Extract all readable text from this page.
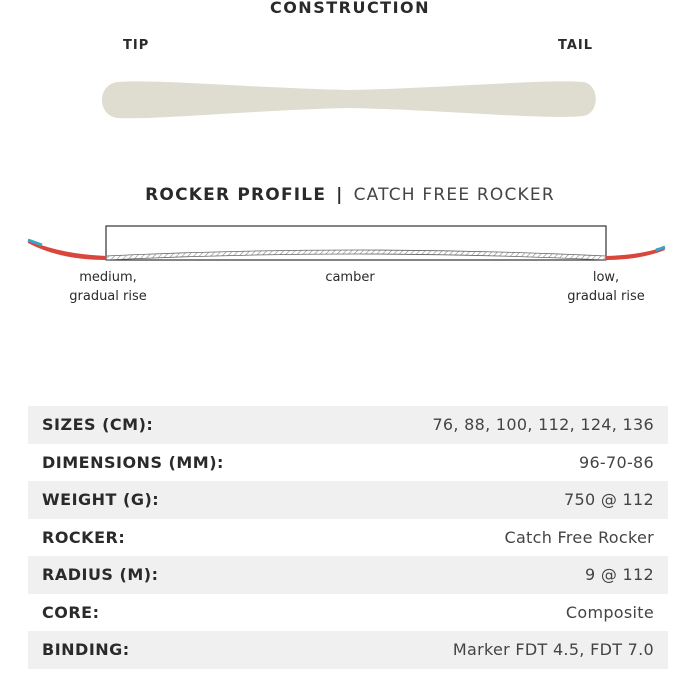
CONSTRUCTION
TIP	TAIL
ROCKER PROFILE | CATCH FREE ROCKER
medium,
gradual rise
camber	low,
gradual rise
SIZES (CM):	76, 88, 100, 112, 124, 136
DIMENSIONS (MM):	96-70-86
WEIGHT (G):	750 @ 112
ROCKER:	Catch Free Rocker
RADIUS (M):	9 @ 112
CORE:	Composite
BINDING:	Marker FDT 4.5, FDT 7.0
